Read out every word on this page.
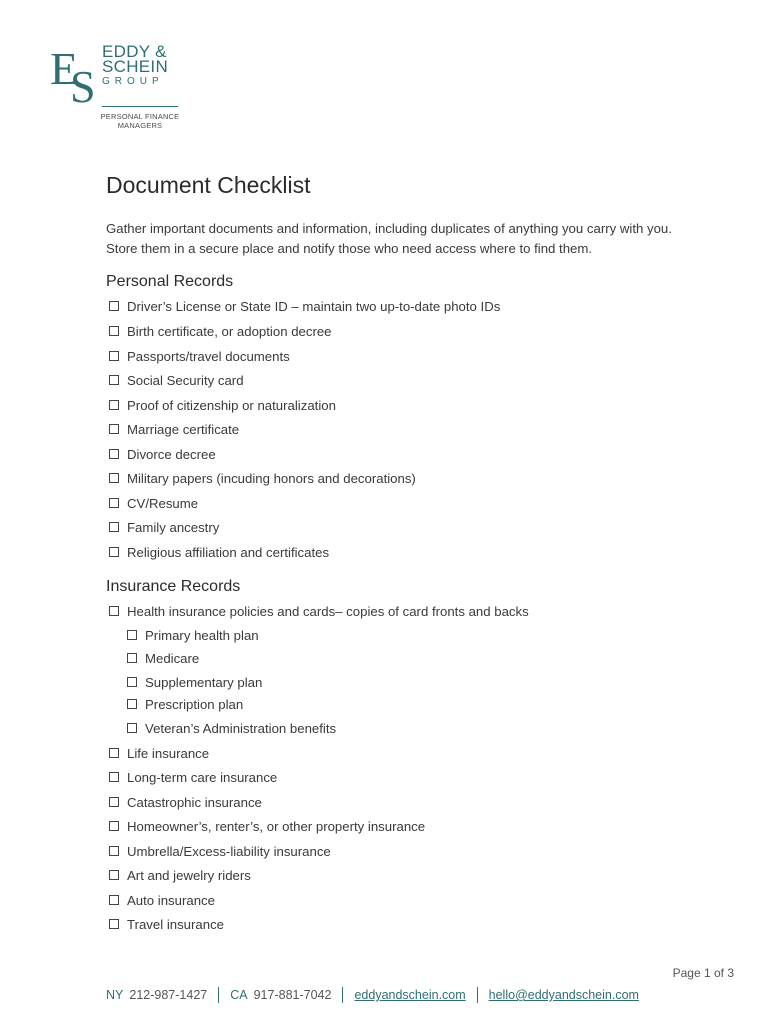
E
S
EDDY &
SCHEIN
GROUP
PERSONAL FINANCE
MANAGERS
Document Checklist

Gather important documents and information, including duplicates of anything you carry with you. Store them in a secure place and notify those who need access where to find them.

Personal Records
Driver’s License or State ID – maintain two up-to-date photo IDs
Birth certificate, or adoption decree
Passports/travel documents
Social Security card
Proof of citizenship or naturalization
Marriage certificate
Divorce decree
Military papers (incuding honors and decorations)
CV/Resume
Family ancestry
Religious affiliation and certificates
Insurance Records
Health insurance policies and cards– copies of card fronts and backs
Primary health plan
Medicare
Supplementary plan
Prescription plan
Veteran’s Administration benefits
Life insurance
Long-term care insurance
Catastrophic insurance
Homeowner’s, renter’s, or other property insurance
Umbrella/Excess-liability insurance
Art and jewelry riders
Auto insurance
Travel insurance
Page 1 of 3
NY 212-987-1427 CA 917-881-7042 eddyandschein.com hello@eddyandschein.com
